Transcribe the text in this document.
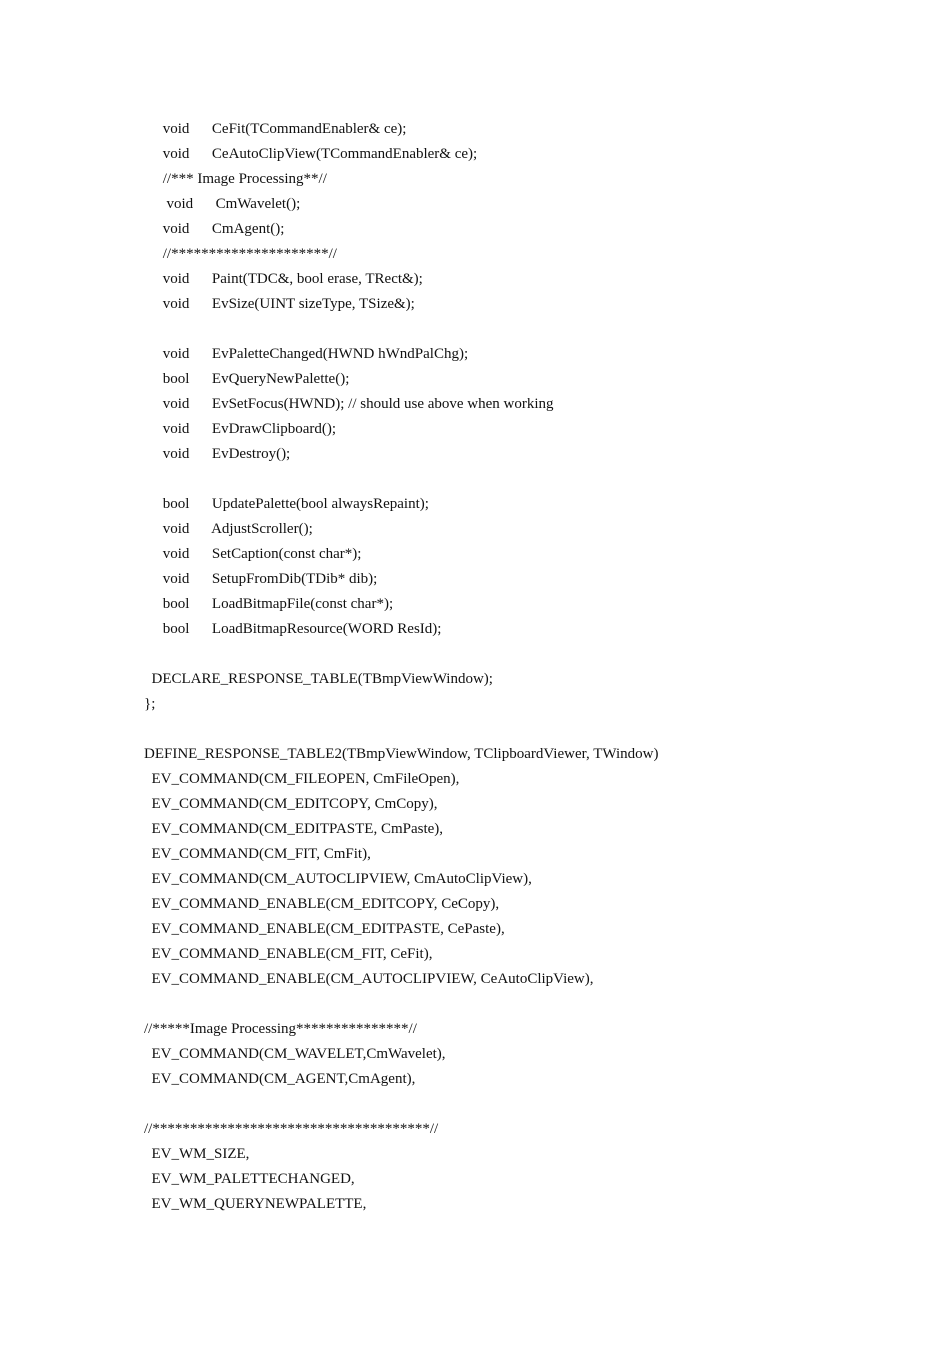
void      CeFit(TCommandEnabler& ce);
void      CeAutoClipView(TCommandEnabler& ce);
//*** Image Processing**//
void      CmWavelet();
void      CmAgent();
//*********************//
void      Paint(TDC&, bool erase, TRect&);
void      EvSize(UINT sizeType, TSize&);
void      EvPaletteChanged(HWND hWndPalChg);
bool      EvQueryNewPalette();
void      EvSetFocus(HWND); // should use above when working
void      EvDrawClipboard();
void      EvDestroy();
bool      UpdatePalette(bool alwaysRepaint);
void      AdjustScroller();
void      SetCaption(const char*);
void      SetupFromDib(TDib* dib);
bool      LoadBitmapFile(const char*);
bool      LoadBitmapResource(WORD ResId);
DECLARE_RESPONSE_TABLE(TBmpViewWindow);
};
DEFINE_RESPONSE_TABLE2(TBmpViewWindow, TClipboardViewer, TWindow)
EV_COMMAND(CM_FILEOPEN, CmFileOpen),
EV_COMMAND(CM_EDITCOPY, CmCopy),
EV_COMMAND(CM_EDITPASTE, CmPaste),
EV_COMMAND(CM_FIT, CmFit),
EV_COMMAND(CM_AUTOCLIPVIEW, CmAutoClipView),
EV_COMMAND_ENABLE(CM_EDITCOPY, CeCopy),
EV_COMMAND_ENABLE(CM_EDITPASTE, CePaste),
EV_COMMAND_ENABLE(CM_FIT, CeFit),
EV_COMMAND_ENABLE(CM_AUTOCLIPVIEW, CeAutoClipView),
//*****Image Processing***************//
EV_COMMAND(CM_WAVELET,CmWavelet),
EV_COMMAND(CM_AGENT,CmAgent),
//*************************************//
EV_WM_SIZE,
EV_WM_PALETTECHANGED,
EV_WM_QUERYNEWPALETTE,
